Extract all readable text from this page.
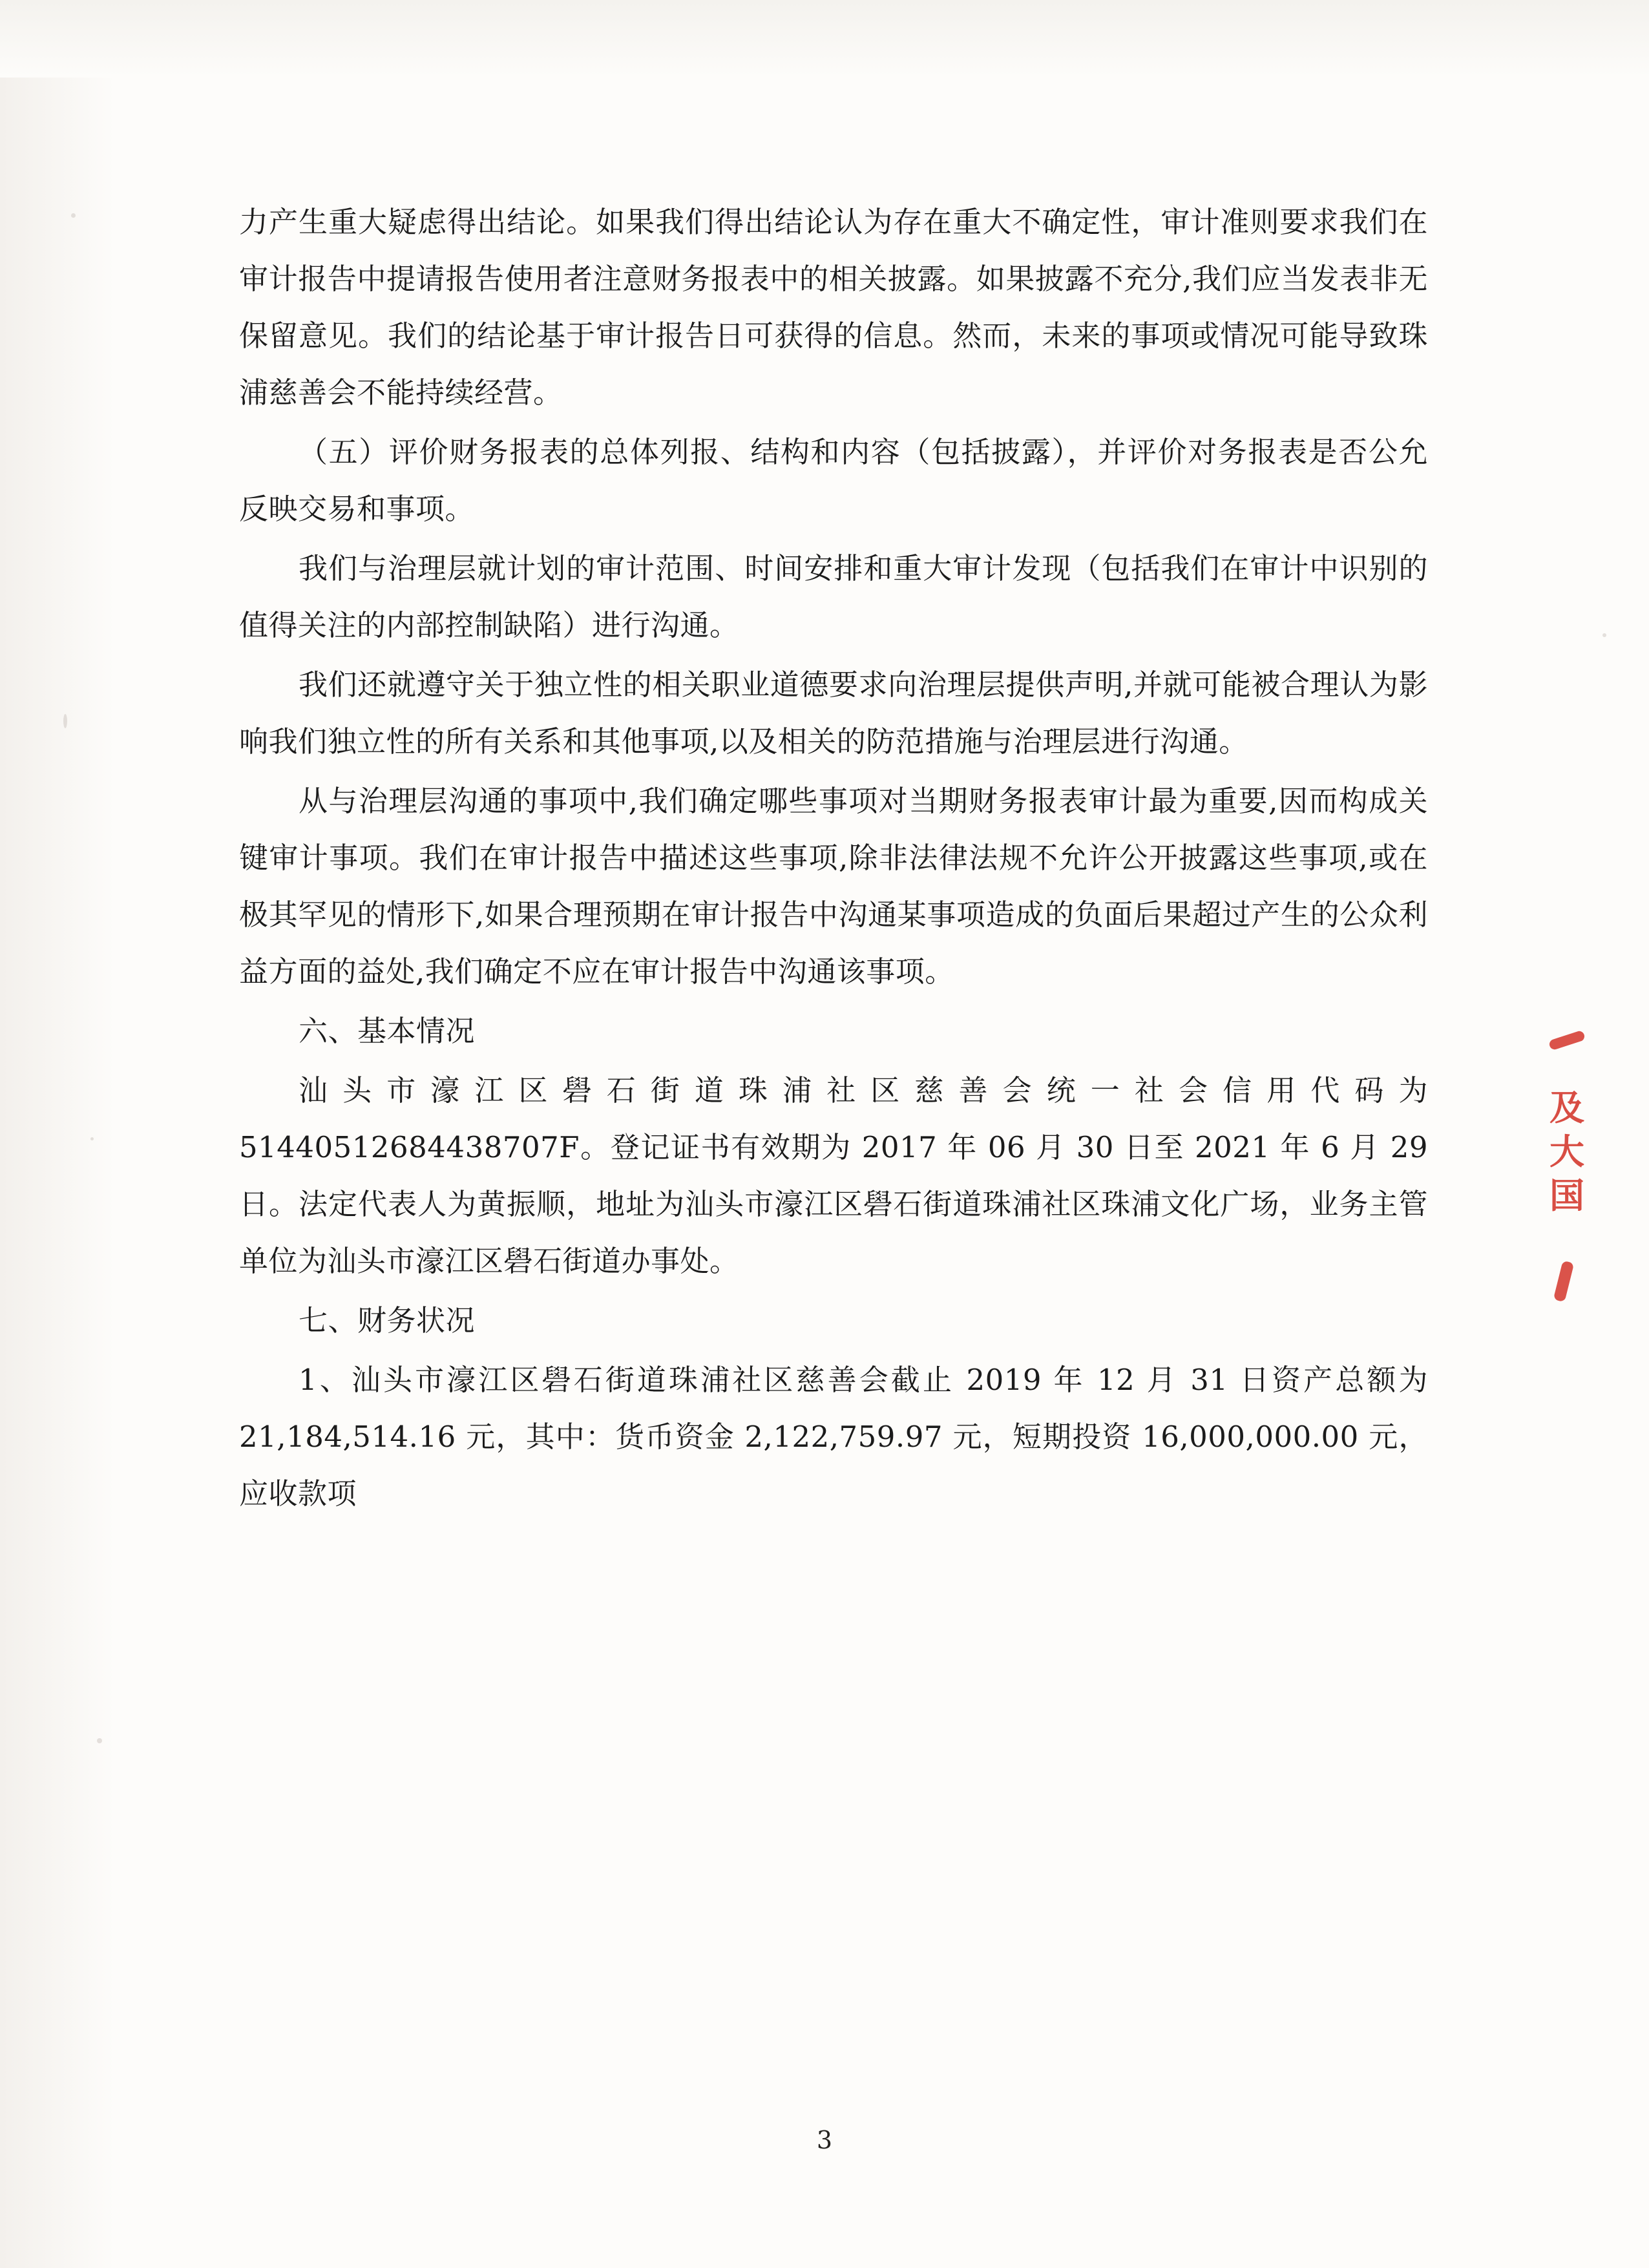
力产生重大疑虑得出结论。如果我们得出结论认为存在重大不确定性，审计准则要求我们在审计报告中提请报告使用者注意财务报表中的相关披露。如果披露不充分,我们应当发表非无保留意见。我们的结论基于审计报告日可获得的信息。然而，未来的事项或情况可能导致珠浦慈善会不能持续经营。

（五）评价财务报表的总体列报、结构和内容（包括披露），并评价对务报表是否公允反映交易和事项。

我们与治理层就计划的审计范围、时间安排和重大审计发现（包括我们在审计中识别的值得关注的内部控制缺陷）进行沟通。

我们还就遵守关于独立性的相关职业道德要求向治理层提供声明,并就可能被合理认为影响我们独立性的所有关系和其他事项,以及相关的防范措施与治理层进行沟通。

从与治理层沟通的事项中,我们确定哪些事项对当期财务报表审计最为重要,因而构成关键审计事项。我们在审计报告中描述这些事项,除非法律法规不允许公开披露这些事项,或在极其罕见的情形下,如果合理预期在审计报告中沟通某事项造成的负面后果超过产生的公众利益方面的益处,我们确定不应在审计报告中沟通该事项。

六、基本情况

汕头市濠江区礐石街道珠浦社区慈善会统一社会信用代码为51440512684438707F。登记证书有效期为 2017 年 06 月 30 日至 2021 年 6 月 29 日。法定代表人为黄振顺，地址为汕头市濠江区礐石街道珠浦社区珠浦文化广场，业务主管单位为汕头市濠江区礐石街道办事处。

七、财务状况

1、汕头市濠江区礐石街道珠浦社区慈善会截止 2019 年 12 月 31 日资产总额为 21,184,514.16 元，其中：货币资金 2,122,759.97 元，短期投资 16,000,000.00 元，应收款项

及
大
国
3
